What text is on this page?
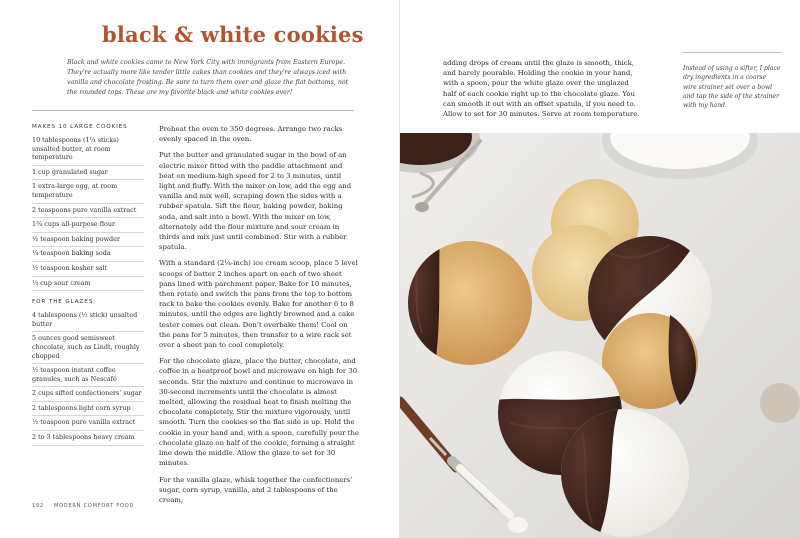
black & white cookies

Black and white cookies came to New York City with immigrants from Eastern Europe. They’re actually more like tender little cakes than cookies and they’re always iced with vanilla and chocolate frosting. Be sure to turn them over and glaze the flat bottoms, not the rounded tops. These are my favorite black and white cookies ever!

MAKES 10 LARGE COOKIES
10 tablespoons (1¼ sticks) unsalted butter, at room temperature
1 cup granulated sugar
1 extra-large egg, at room temperature
2 teaspoons pure vanilla extract
1¾ cups all-purpose flour
½ teaspoon baking powder
¼ teaspoon baking soda
½ teaspoon kosher salt
⅓ cup sour cream
FOR THE GLAZES:
4 tablespoons (½ stick) unsalted butter
5 ounces good semisweet chocolate, such as Lindt, roughly chopped
½ teaspoon instant coffee granules, such as Nescafé
2 cups sifted confectioners’ sugar
2 tablespoons light corn syrup
½ teaspoon pure vanilla extract
2 to 3 tablespoons heavy cream

Preheat the oven to 350 degrees. Arrange two racks evenly spaced in the oven.

Put the butter and granulated sugar in the bowl of an electric mixer fitted with the paddle attachment and beat on medium-high speed for 2 to 3 minutes, until light and fluffy. With the mixer on low, add the egg and vanilla and mix well, scraping down the sides with a rubber spatula. Sift the flour, baking powder, baking soda, and salt into a bowl. With the mixer on low, alternately add the flour mixture and sour cream in thirds and mix just until combined. Stir with a rubber spatula.

With a standard (2¼-inch) ice cream scoop, place 5 level scoops of batter 2 inches apart on each of two sheet pans lined with parchment paper. Bake for 10 minutes, then rotate and switch the pans from the top to bottom rack to bake the cookies evenly. Bake for another 6 to 8 minutes, until the edges are lightly browned and a cake tester comes out clean. Don’t overbake them! Cool on the pans for 5 minutes, then transfer to a wire rack set over a sheet pan to cool completely.

For the chocolate glaze, place the butter, chocolate, and coffee in a heatproof bowl and microwave on high for 30 seconds. Stir the mixture and continue to microwave in 30-second increments until the chocolate is almost melted, allowing the residual heat to finish melting the chocolate completely. Stir the mixture vigorously, until smooth. Turn the cookies so the flat side is up. Hold the cookie in your hand and, with a spoon, carefully pour the chocolate glaze on half of the cookie, forming a straight line down the middle. Allow the glaze to set for 30 minutes.

For the vanilla glaze, whisk together the confectioners’ sugar, corn syrup, vanilla, and 2 tablespoons of the cream,

192 MODERN COMFORT FOOD

adding drops of cream until the glaze is smooth, thick, and barely pourable. Holding the cookie in your hand, with a spoon, pour the white glaze over the unglazed half of each cookie right up to the chocolate glaze. You can smooth it out with an offset spatula, if you need to. Allow to set for 30 minutes. Serve at room temperature.

Instead of using a sifter, I place dry ingredients in a coarse wire strainer set over a bowl and tap the side of the strainer with my hand.
